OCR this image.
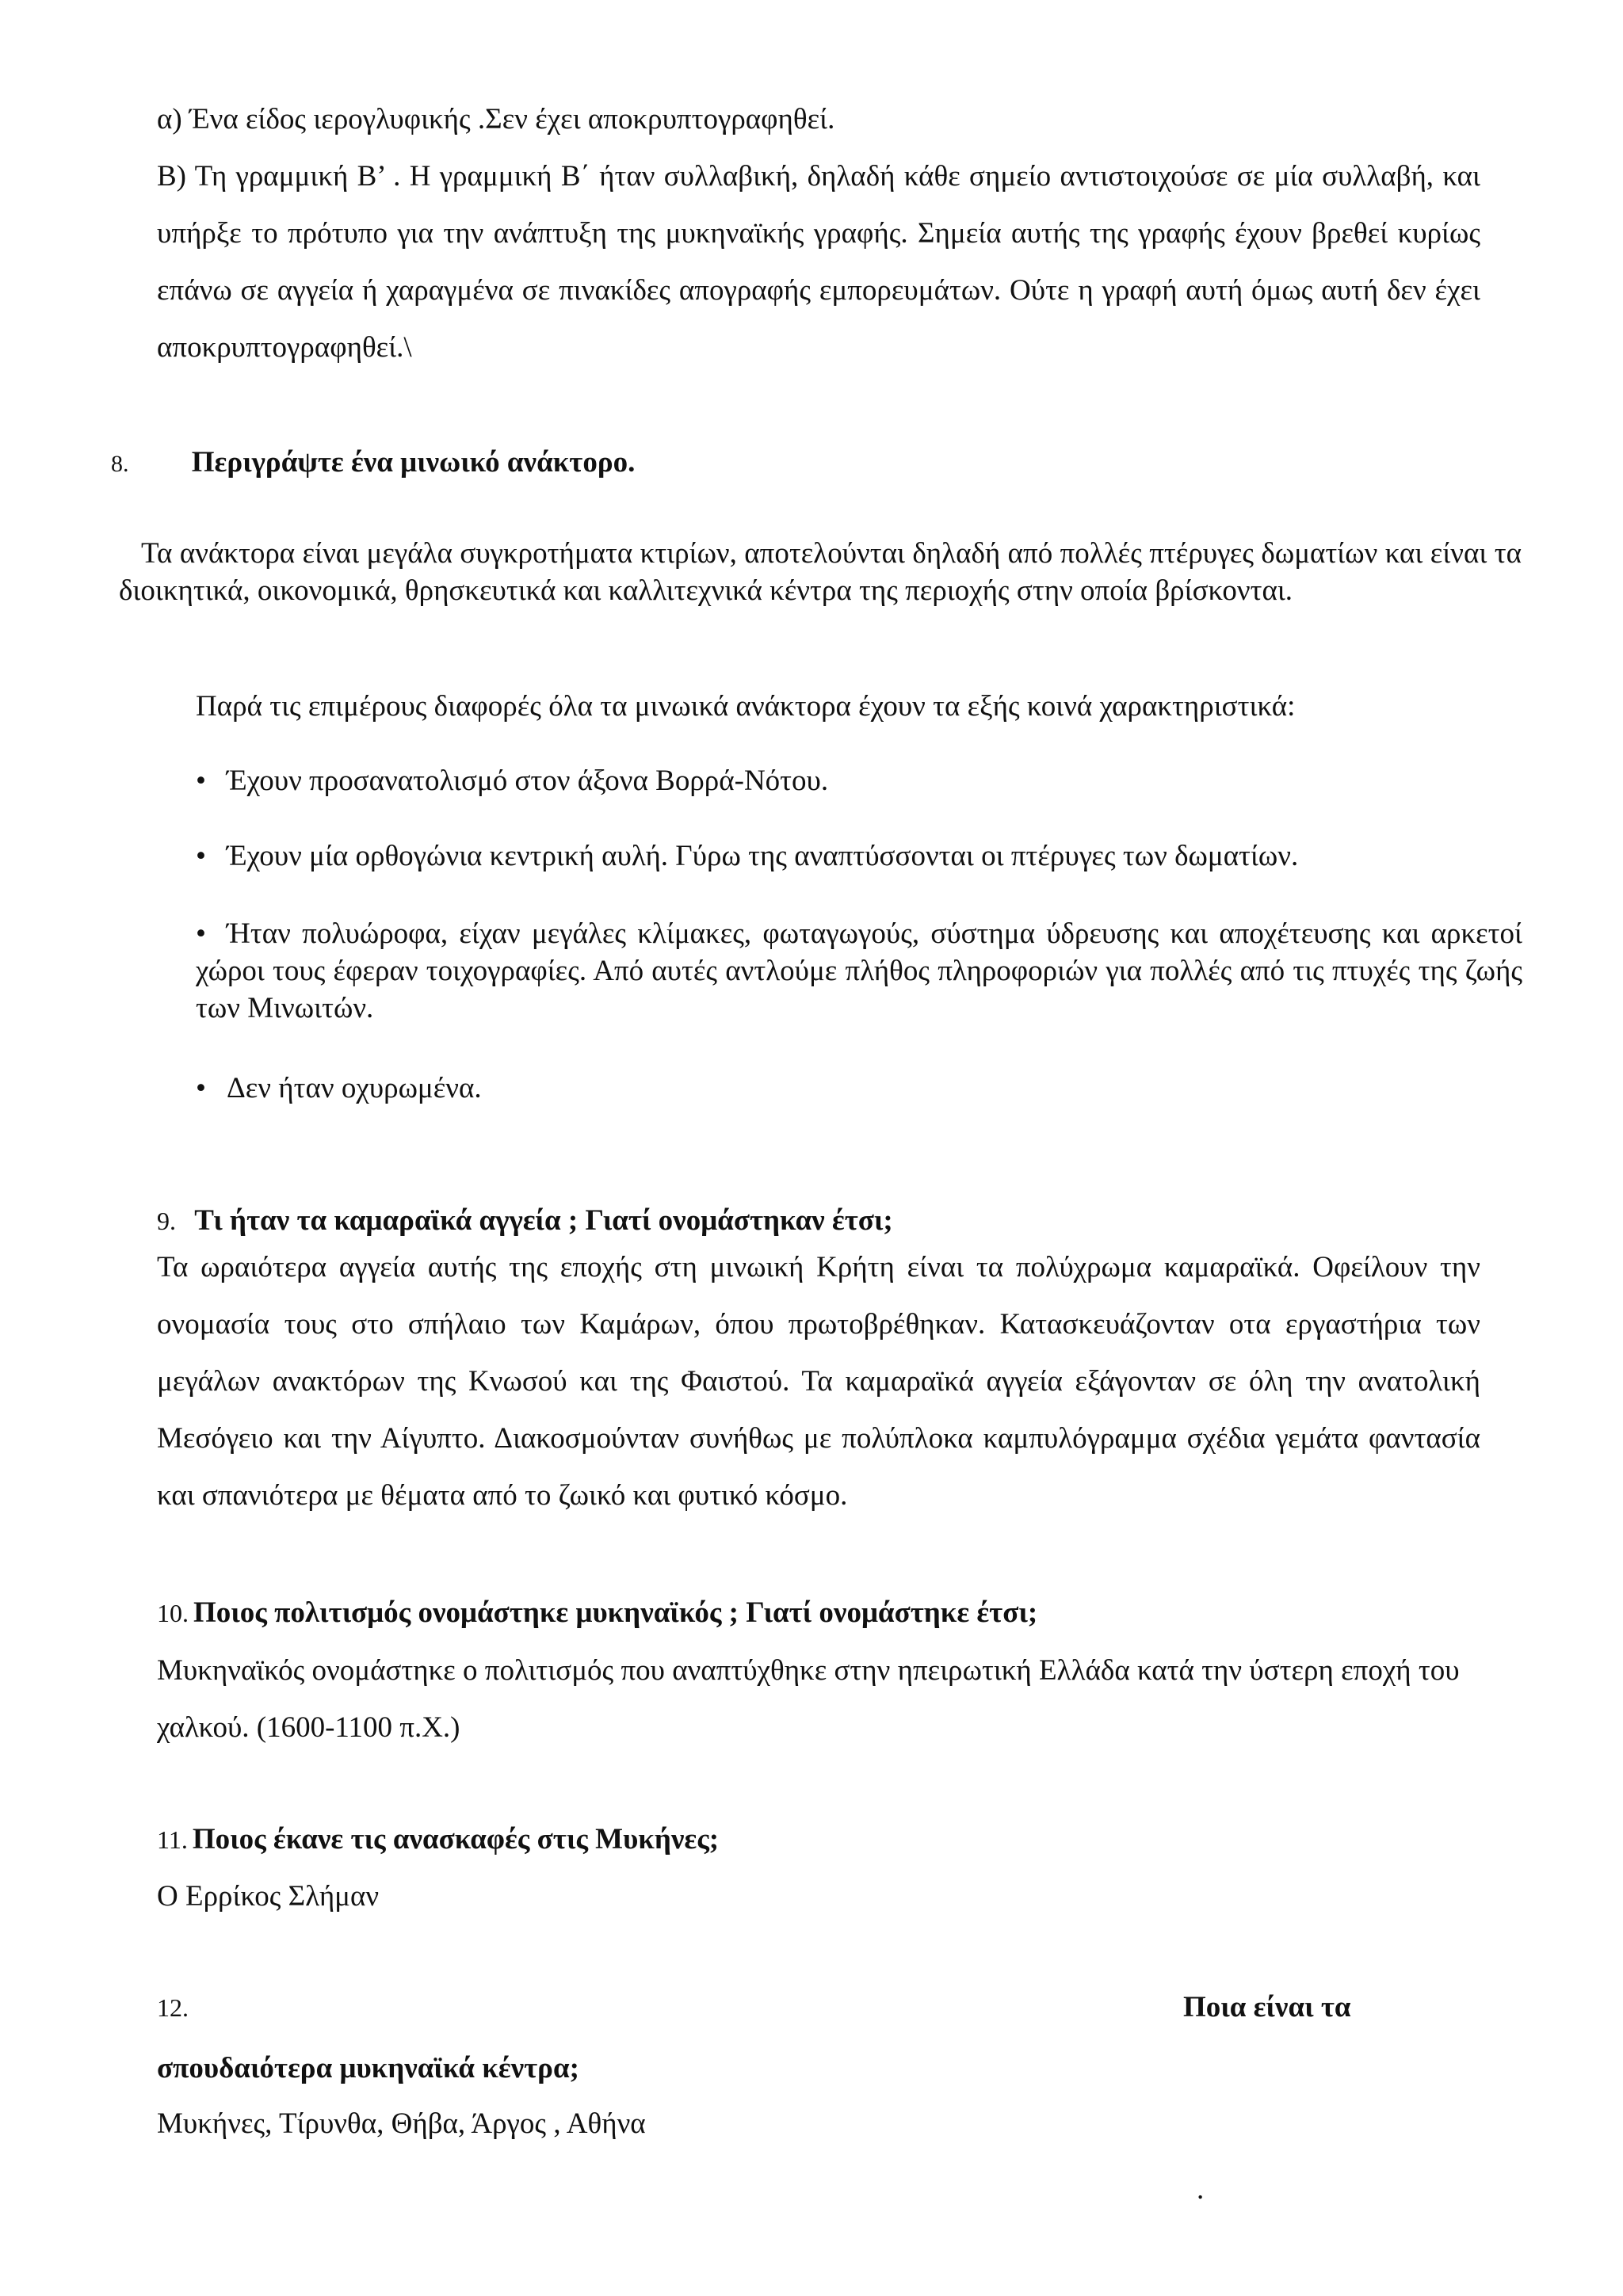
α) Ένα είδος ιερογλυφικής .Σεν έχει αποκρυπτογραφηθεί.

Β) Τη γραμμική Β’ . Η γραμμική Β΄ ήταν συλλαβική, δηλαδή κάθε σημείο αντιστοιχούσε σε μία συλλαβή, και υπήρξε το πρότυπο για την ανάπτυξη της μυκηναϊκής γραφής. Σημεία αυτής της γραφής έχουν βρεθεί κυρίως επάνω σε αγγεία ή χαραγμένα σε πινακίδες απογραφής εμπορευμάτων. Ούτε η γραφή αυτή όμως αυτή δεν έχει αποκρυπτογραφηθεί.\

8. Περιγράψτε ένα μινωικό ανάκτορο.

Τα ανάκτορα είναι μεγάλα συγκροτήματα κτιρίων, αποτελούνται δηλαδή από πολλές πτέρυγες δωματίων και είναι τα διοικητικά, οικονομικά, θρησκευτικά και καλλιτεχνικά κέντρα της περιοχής στην οποία βρίσκονται.

Παρά τις επιμέρους διαφορές όλα τα μινωικά ανάκτορα έχουν τα εξής κοινά χαρακτηριστικά:

• Έχουν προσανατολισμό στον άξονα Βορρά-Νότου.
• Έχουν μία ορθογώνια κεντρική αυλή. Γύρω της αναπτύσσονται οι πτέρυγες των δωματίων.
• Ήταν πολυώροφα, είχαν μεγάλες κλίμακες, φωταγωγούς, σύστημα ύδρευσης και αποχέτευσης και αρκετοί χώροι τους έφεραν τοιχογραφίες. Από αυτές αντλούμε πλήθος πληροφοριών για πολλές από τις πτυχές της ζωής των Μινωιτών.
• Δεν ήταν οχυρωμένα.
9. Τι ήταν τα καμαραϊκά αγγεία ; Γιατί ονομάστηκαν έτσι;

Τα ωραιότερα αγγεία αυτής της εποχής στη μινωική Κρήτη είναι τα πολύχρωμα καμαραϊκά. Οφείλουν την ονομασία τους στο σπήλαιο των Καμάρων, όπου πρωτοβρέθηκαν. Κατασκευάζονταν οτα εργαστήρια των μεγάλων ανακτόρων της Κνωσού και της Φαιστού. Τα καμαραϊκά αγγεία εξάγονταν σε όλη την ανατολική Μεσόγειο και την Αίγυπτο. Διακοσμούνταν συνήθως με πολύπλοκα καμπυλόγραμμα σχέδια γεμάτα φαντασία και σπανιότερα με θέματα από το ζωικό και φυτικό κόσμο.

10. Ποιος πολιτισμός ονομάστηκε μυκηναϊκός ; Γιατί ονομάστηκε έτσι;

Μυκηναϊκός ονομάστηκε ο πολιτισμός που αναπτύχθηκε στην ηπειρωτική Ελλάδα κατά την ύστερη εποχή του χαλκού. (1600-1100 π.Χ.)

11. Ποιος έκανε τις ανασκαφές στις Μυκήνες;

Ο Ερρίκος Σλήμαν

12.	Ποια είναι τα
σπουδαιότερα μυκηναϊκά κέντρα;

Μυκήνες, Τίρυνθα, Θήβα, Άργος , Αθήνα

.
